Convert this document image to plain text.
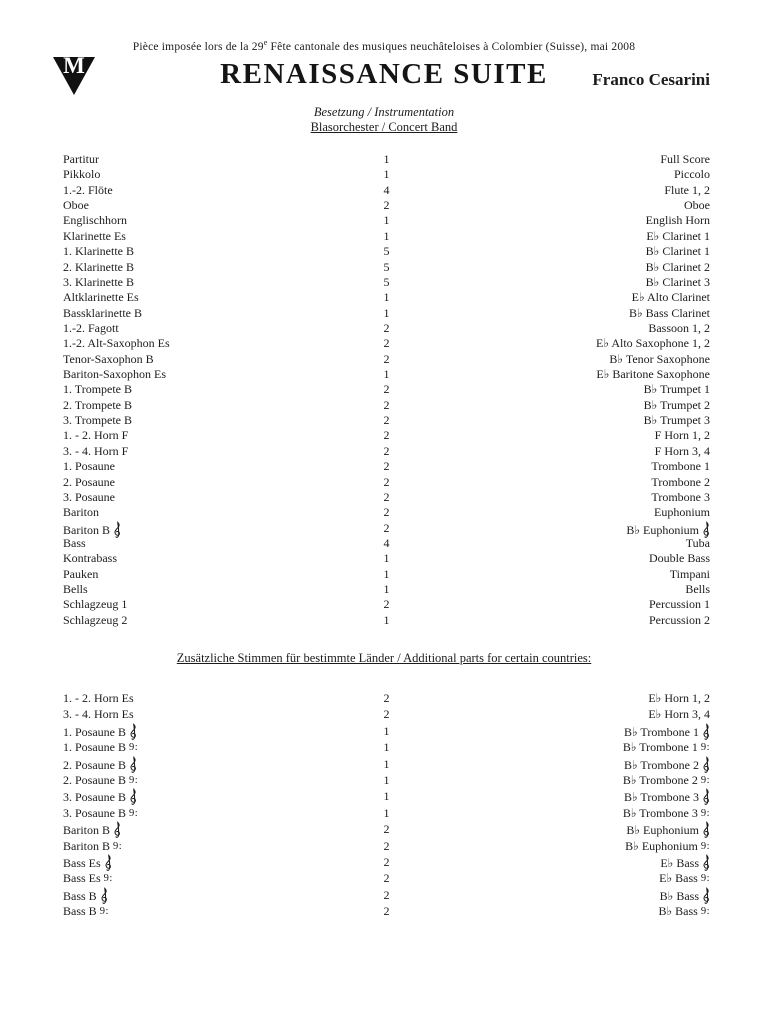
Pièce imposée lors de la 29e Fête cantonale des musiques neuchâteloises à Colombier (Suisse), mai 2008
M	RENAISSANCE SUITE	Franco Cesarini
Besetzung / Instrumentation
Blasorchester / Concert Band
Partitur	1	Full Score
Pikkolo	1	Piccolo
1.-2. Flöte	4	Flute 1, 2
Oboe	2	Oboe
Englischhorn	1	English Horn
Klarinette Es	1	E♭ Clarinet 1
1. Klarinette B	5	B♭ Clarinet 1
2. Klarinette B	5	B♭ Clarinet 2
3. Klarinette B	5	B♭ Clarinet 3
Altklarinette Es	1	E♭ Alto Clarinet
Bassklarinette B	1	B♭ Bass Clarinet
1.-2. Fagott	2	Bassoon 1, 2
1.-2. Alt-Saxophon Es	2	E♭ Alto Saxophone 1, 2
Tenor-Saxophon B	2	B♭ Tenor Saxophone
Bariton-Saxophon Es	1	E♭ Baritone Saxophone
1. Trompete B	2	B♭ Trumpet 1
2. Trompete B	2	B♭ Trumpet 2
3. Trompete B	2	B♭ Trumpet 3
1. - 2. Horn F	2	F Horn 1, 2
3. - 4. Horn F	2	F Horn 3, 4
1. Posaune	2	Trombone 1
2. Posaune	2	Trombone 2
3. Posaune	2	Trombone 3
Bariton	2	Euphonium
Bariton B	2	B♭ Euphonium
Bass	4	Tuba
Kontrabass	1	Double Bass
Pauken	1	Timpani
Bells	1	Bells
Schlagzeug 1	2	Percussion 1
Schlagzeug 2	1	Percussion 2
Zusätzliche Stimmen für bestimmte Länder / Additional parts for certain countries:
1. - 2. Horn Es	2	E♭ Horn 1, 2
3. - 4. Horn Es	2	E♭ Horn 3, 4
1. Posaune B	1	B♭ Trombone 1
1. Posaune B 9:	1	B♭ Trombone 1 9:
2. Posaune B	1	B♭ Trombone 2
2. Posaune B 9:	1	B♭ Trombone 2 9:
3. Posaune B	1	B♭ Trombone 3
3. Posaune B 9:	1	B♭ Trombone 3 9:
Bariton B	2	B♭ Euphonium
Bariton B 9:	2	B♭ Euphonium 9:
Bass Es	2	E♭ Bass
Bass Es 9:	2	E♭ Bass 9:
Bass B	2	B♭ Bass
Bass B 9:	2	B♭ Bass 9:
